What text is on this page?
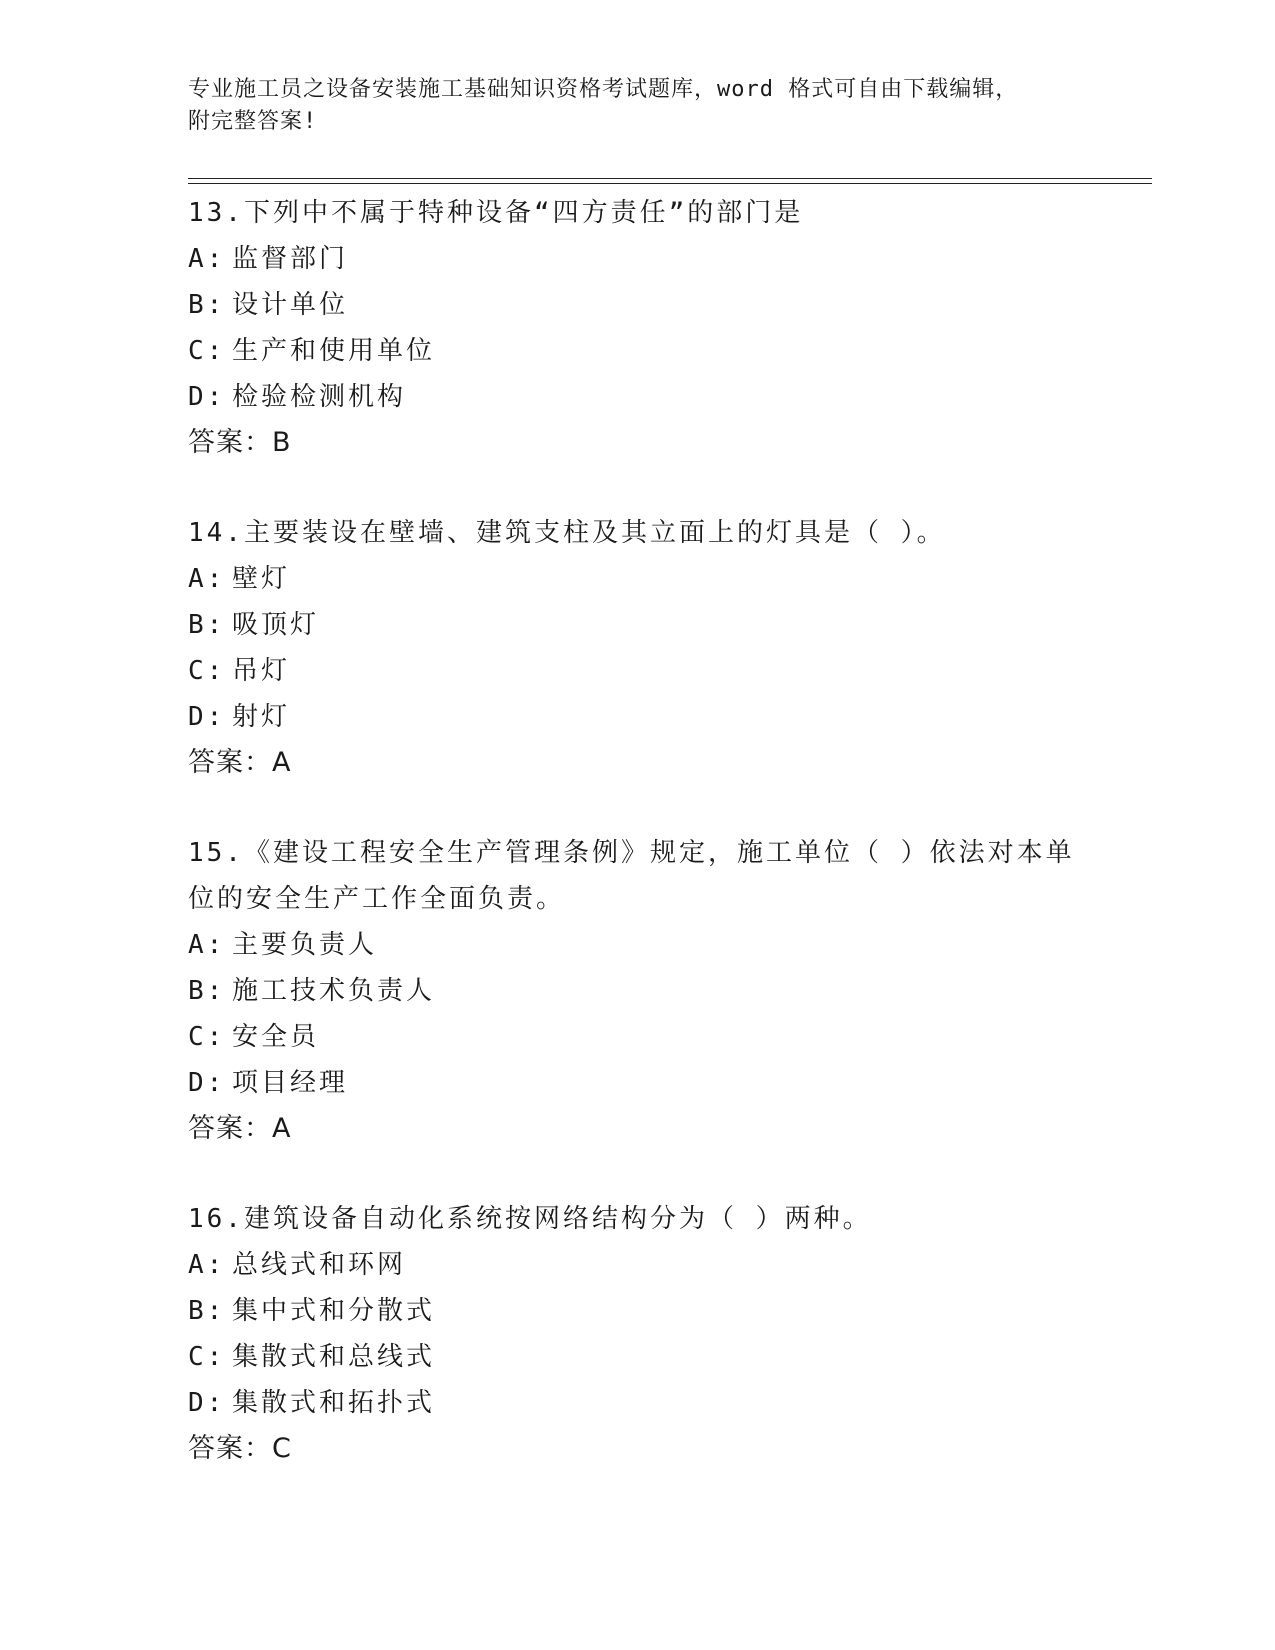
专业施工员之设备安装施工基础知识资格考试题库，word 格式可自由下载编辑，
附完整答案!
13.下列中不属于特种设备“四方责任”的部门是
A: 监督部门
B: 设计单位
C: 生产和使用单位
D: 检验检测机构
答案：B
14.主要装设在壁墙、建筑支柱及其立面上的灯具是（ ）。
A: 壁灯
B: 吸顶灯
C: 吊灯
D: 射灯
答案：A
15.《建设工程安全生产管理条例》规定，施工单位（ ）依法对本单
位的安全生产工作全面负责。
A: 主要负责人
B: 施工技术负责人
C: 安全员
D: 项目经理
答案：A
16.建筑设备自动化系统按网络结构分为（ ）两种。
A: 总线式和环网
B: 集中式和分散式
C: 集散式和总线式
D: 集散式和拓扑式
答案：C
